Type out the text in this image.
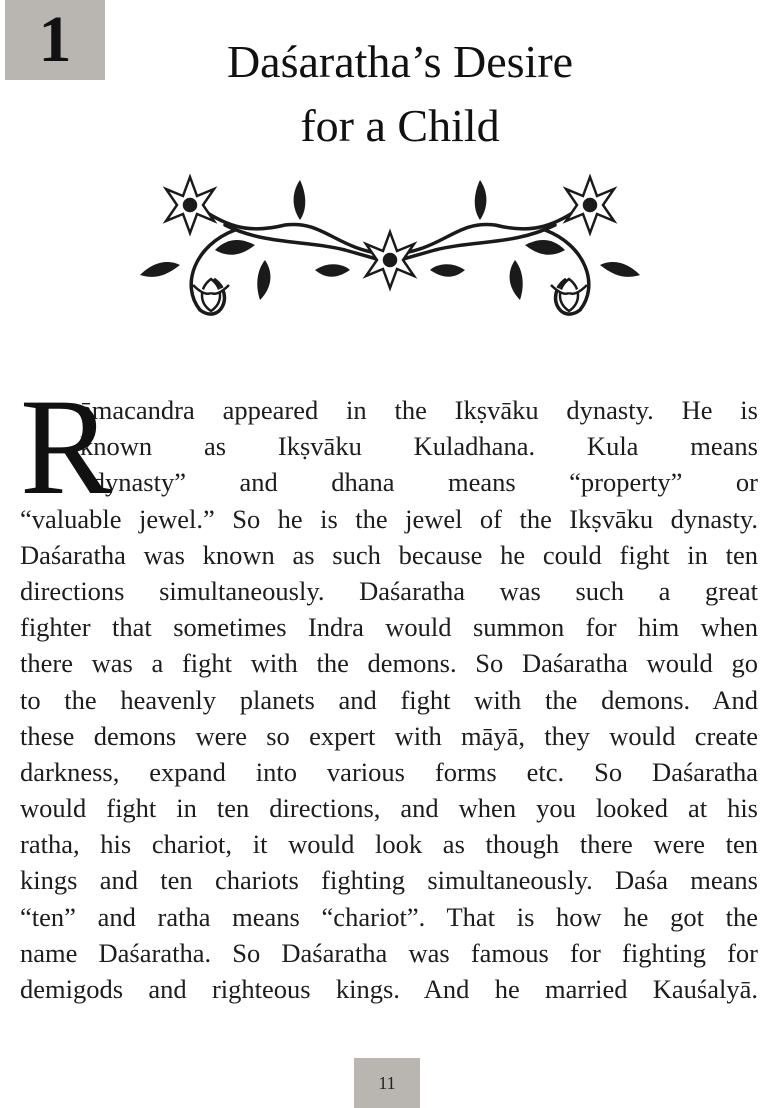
1	Daśaratha’s Desire
for a Child
R
āmacandra appeared in the Ikṣvāku dynasty. He is
known as Ikṣvāku Kuladhana. Kula means
“dynasty” and dhana means “property” or
“valuable jewel.” So he is the jewel of the Ikṣvāku dynasty.
Daśaratha was known as such because he could fight in ten
directions simultaneously. Daśaratha was such a great
fighter that sometimes Indra would summon for him when
there was a fight with the demons. So Daśaratha would go
to the heavenly planets and fight with the demons. And
these demons were so expert with māyā, they would create
darkness, expand into various forms etc. So Daśaratha
would fight in ten directions, and when you looked at his
ratha, his chariot, it would look as though there were ten
kings and ten chariots fighting simultaneously. Daśa means
“ten” and ratha means “chariot”. That is how he got the
name Daśaratha. So Daśaratha was famous for fighting for
demigods and righteous kings. And he married Kauśalyā.
11
